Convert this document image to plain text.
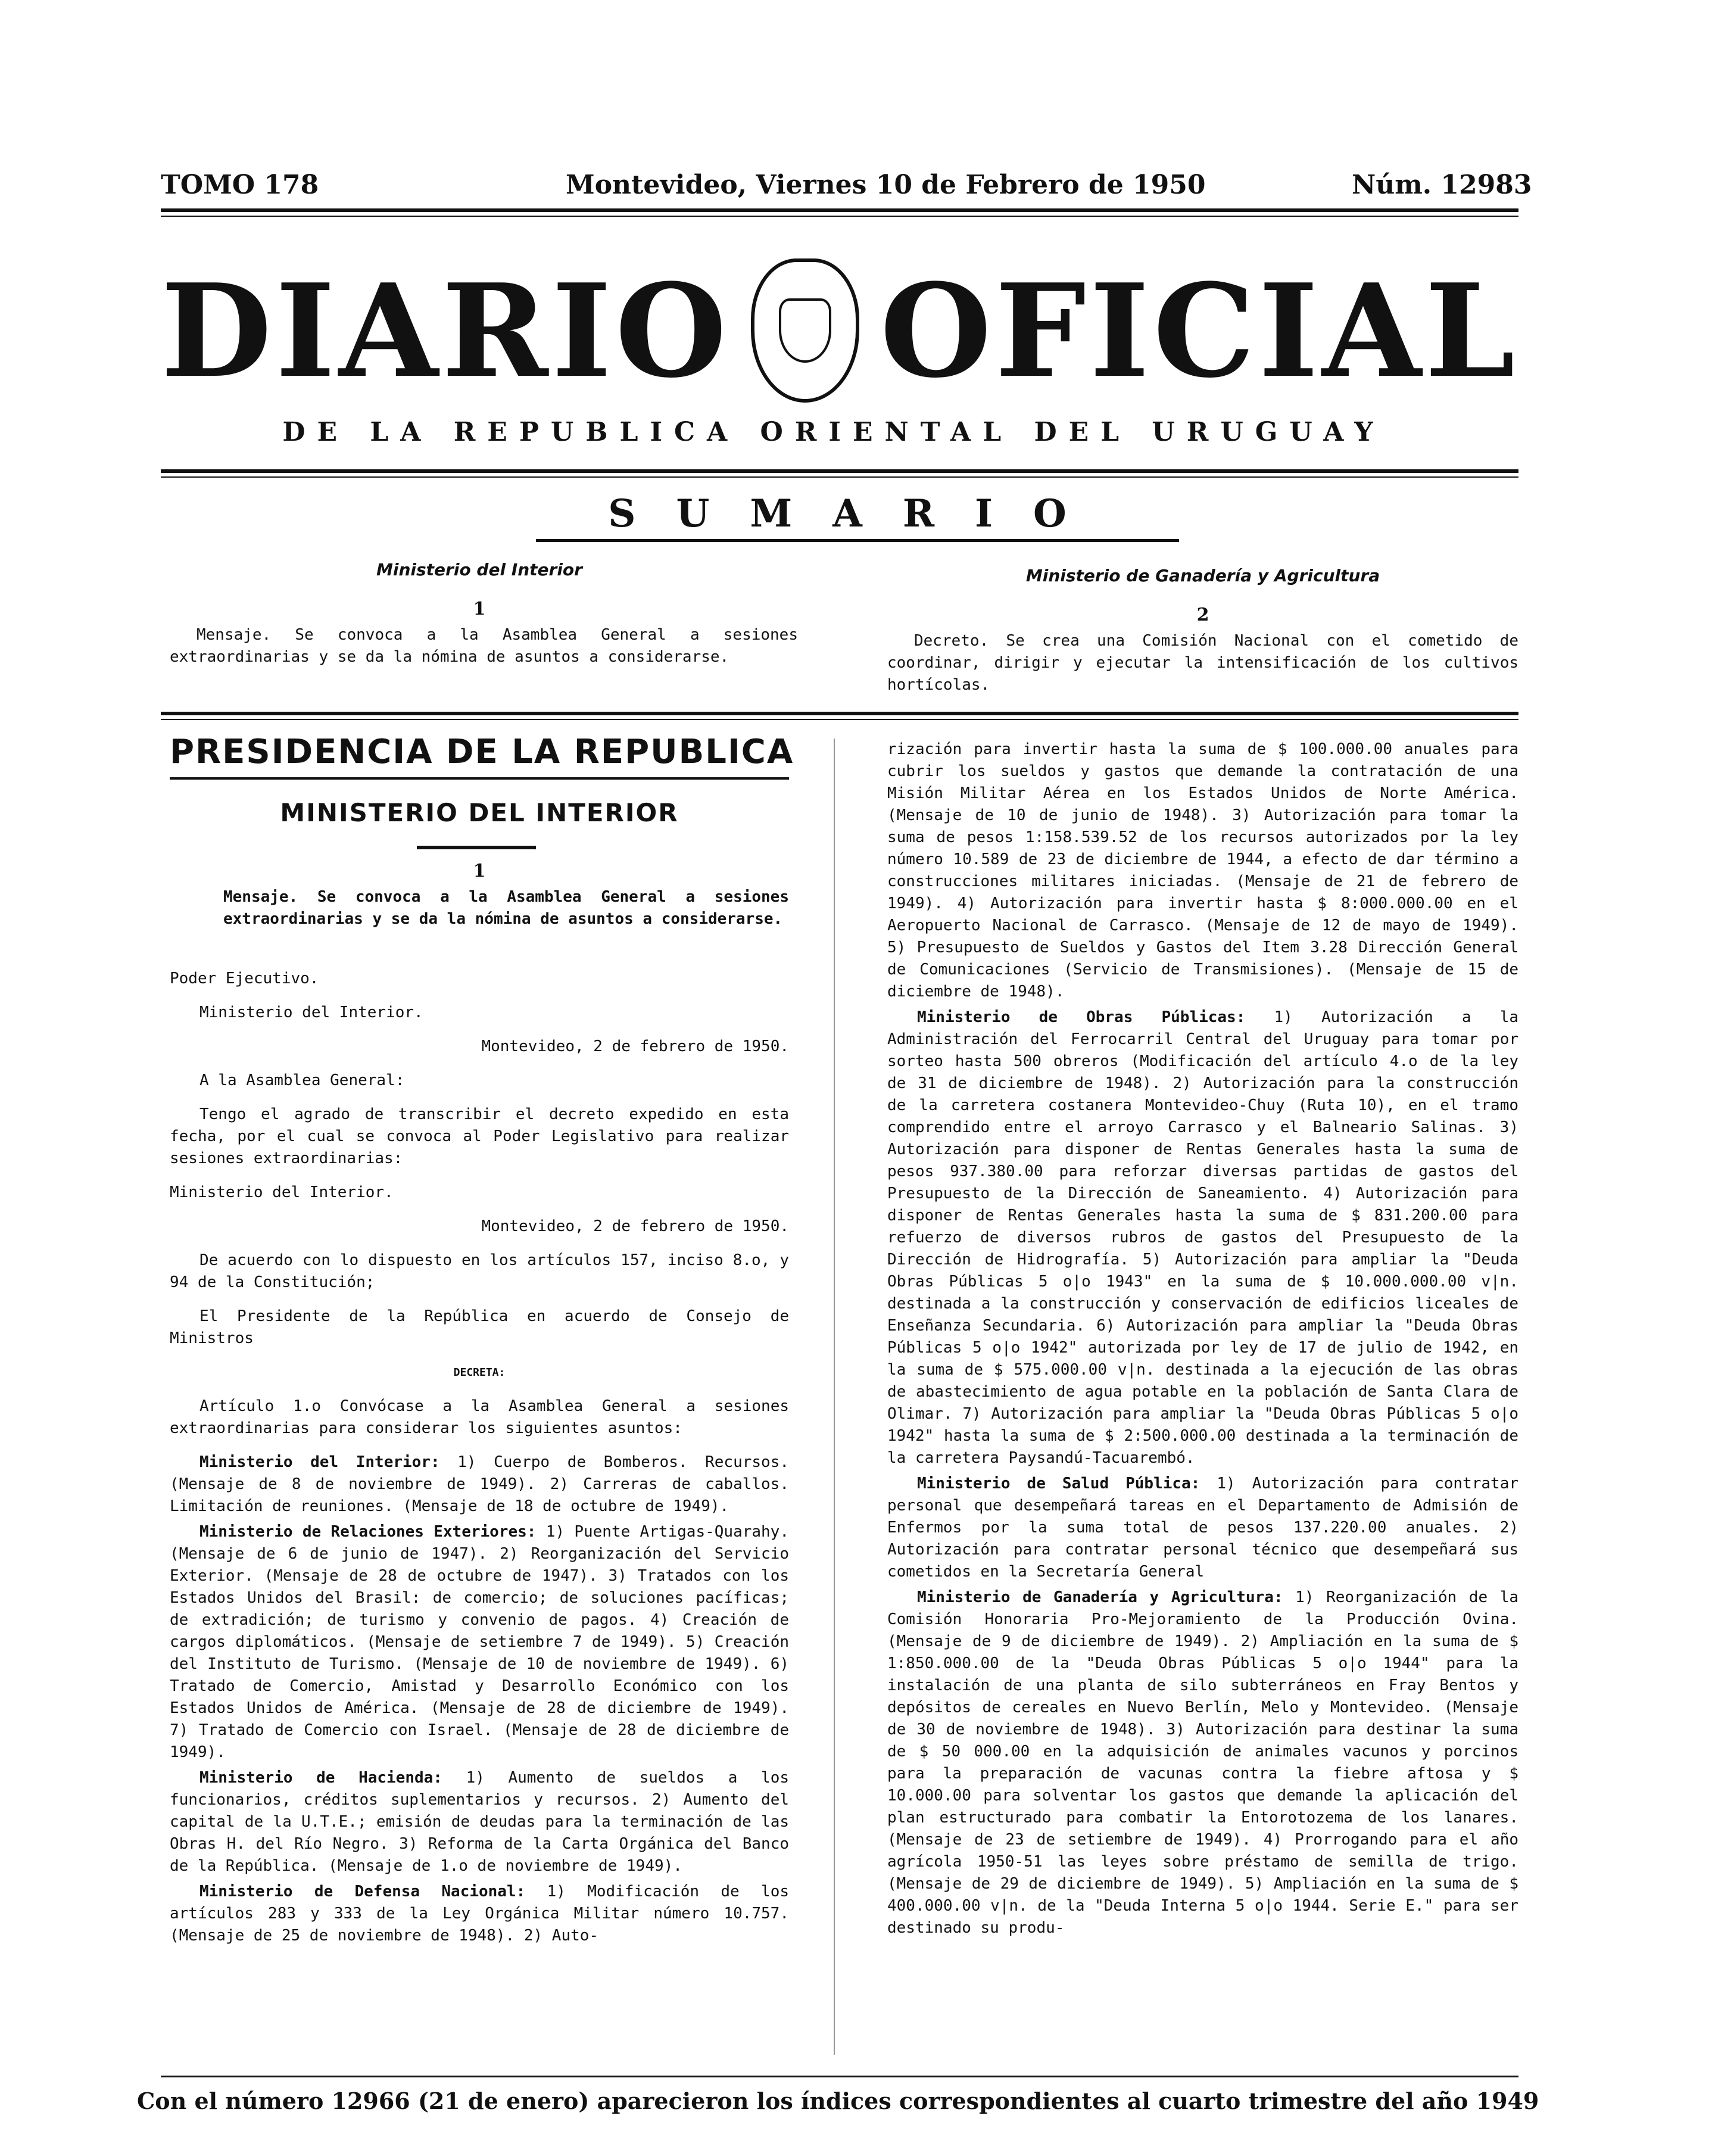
TOMO 178	Montevideo, Viernes 10 de Febrero de 1950	Núm. 12983
DIARIO OFICIAL
DE LA REPUBLICA ORIENTAL DEL URUGUAY
SUMARIO
Ministerio del Interior
1
Mensaje. Se convoca a la Asamblea General a sesiones extraordinarias y se da la nómina de asuntos a considerarse.
Ministerio de Ganadería y Agricultura
2
Decreto. Se crea una Comisión Nacional con el cometido de coordinar, dirigir y ejecutar la intensificación de los cultivos hortícolas.
PRESIDENCIA DE LA REPUBLICA
MINISTERIO DEL INTERIOR
1
Mensaje. Se convoca a la Asamblea General a sesiones extraordinarias y se da la nómina de asuntos a considerarse.

Poder Ejecutivo.

Ministerio del Interior.

Montevideo, 2 de febrero de 1950.

A la Asamblea General:

Tengo el agrado de transcribir el decreto expedido en esta fecha, por el cual se convoca al Poder Legislativo para realizar sesiones extraordinarias:

Ministerio del Interior.

Montevideo, 2 de febrero de 1950.

De acuerdo con lo dispuesto en los artículos 157, inciso 8.o, y 94 de la Constitución;

El Presidente de la República en acuerdo de Consejo de Ministros

DECRETA:

Artículo 1.o Convócase a la Asamblea General a sesiones extraordinarias para considerar los siguientes asuntos:

Ministerio del Interior: 1) Cuerpo de Bomberos. Recursos. (Mensaje de 8 de noviembre de 1949). 2) Carreras de caballos. Limitación de reuniones. (Mensaje de 18 de octubre de 1949).

Ministerio de Relaciones Exteriores: 1) Puente Artigas-Quarahy. (Mensaje de 6 de junio de 1947). 2) Reorganización del Servicio Exterior. (Mensaje de 28 de octubre de 1947). 3) Tratados con los Estados Unidos del Brasil: de comercio; de soluciones pacíficas; de extradición; de turismo y convenio de pagos. 4) Creación de cargos diplomáticos. (Mensaje de setiembre 7 de 1949). 5) Creación del Instituto de Turismo. (Mensaje de 10 de noviembre de 1949). 6) Tratado de Comercio, Amistad y Desarrollo Económico con los Estados Unidos de América. (Mensaje de 28 de diciembre de 1949). 7) Tratado de Comercio con Israel. (Mensaje de 28 de diciembre de 1949).

Ministerio de Hacienda: 1) Aumento de sueldos a los funcionarios, créditos suplementarios y recursos. 2) Aumento del capital de la U.T.E.; emisión de deudas para la terminación de las Obras H. del Río Negro. 3) Reforma de la Carta Orgánica del Banco de la República. (Mensaje de 1.o de noviembre de 1949).

Ministerio de Defensa Nacional: 1) Modificación de los artículos 283 y 333 de la Ley Orgánica Militar número 10.757. (Mensaje de 25 de noviembre de 1948). 2) Auto-

rización para invertir hasta la suma de $ 100.000.00 anuales para cubrir los sueldos y gastos que demande la contratación de una Misión Militar Aérea en los Estados Unidos de Norte América. (Mensaje de 10 de junio de 1948). 3) Autorización para tomar la suma de pesos 1:158.539.52 de los recursos autorizados por la ley número 10.589 de 23 de diciembre de 1944, a efecto de dar término a construcciones militares iniciadas. (Mensaje de 21 de febrero de 1949). 4) Autorización para invertir hasta $ 8:000.000.00 en el Aeropuerto Nacional de Carrasco. (Mensaje de 12 de mayo de 1949). 5) Presupuesto de Sueldos y Gastos del Item 3.28 Dirección General de Comunicaciones (Servicio de Transmisiones). (Mensaje de 15 de diciembre de 1948).

Ministerio de Obras Públicas: 1) Autorización a la Administración del Ferrocarril Central del Uruguay para tomar por sorteo hasta 500 obreros (Modificación del artículo 4.o de la ley de 31 de diciembre de 1948). 2) Autorización para la construcción de la carretera costanera Montevideo-Chuy (Ruta 10), en el tramo comprendido entre el arroyo Carrasco y el Balneario Salinas. 3) Autorización para disponer de Rentas Generales hasta la suma de pesos 937.380.00 para reforzar diversas partidas de gastos del Presupuesto de la Dirección de Saneamiento. 4) Autorización para disponer de Rentas Generales hasta la suma de $ 831.200.00 para refuerzo de diversos rubros de gastos del Presupuesto de la Dirección de Hidrografía. 5) Autorización para ampliar la "Deuda Obras Públicas 5 o|o 1943" en la suma de $ 10.000.000.00 v|n. destinada a la construcción y conservación de edificios liceales de Enseñanza Secundaria. 6) Autorización para ampliar la "Deuda Obras Públicas 5 o|o 1942" autorizada por ley de 17 de julio de 1942, en la suma de $ 575.000.00 v|n. destinada a la ejecución de las obras de abastecimiento de agua potable en la población de Santa Clara de Olimar. 7) Autorización para ampliar la "Deuda Obras Públicas 5 o|o 1942" hasta la suma de $ 2:500.000.00 destinada a la terminación de la carretera Paysandú-Tacuarembó.

Ministerio de Salud Pública: 1) Autorización para contratar personal que desempeñará tareas en el Departamento de Admisión de Enfermos por la suma total de pesos 137.220.00 anuales. 2) Autorización para contratar personal técnico que desempeñará sus cometidos en la Secretaría General

Ministerio de Ganadería y Agricultura: 1) Reorganización de la Comisión Honoraria Pro-Mejoramiento de la Producción Ovina. (Mensaje de 9 de diciembre de 1949). 2) Ampliación en la suma de $ 1:850.000.00 de la "Deuda Obras Públicas 5 o|o 1944" para la instalación de una planta de silo subterráneos en Fray Bentos y depósitos de cereales en Nuevo Berlín, Melo y Montevideo. (Mensaje de 30 de noviembre de 1948). 3) Autorización para destinar la suma de $ 50 000.00 en la adquisición de animales vacunos y porcinos para la preparación de vacunas contra la fiebre aftosa y $ 10.000.00 para solventar los gastos que demande la aplicación del plan estructurado para combatir la Entorotozema de los lanares. (Mensaje de 23 de setiembre de 1949). 4) Prorrogando para el año agrícola 1950-51 las leyes sobre préstamo de semilla de trigo. (Mensaje de 29 de diciembre de 1949). 5) Ampliación en la suma de $ 400.000.00 v|n. de la "Deuda Interna 5 o|o 1944. Serie E." para ser destinado su produ-

Con el número 12966 (21 de enero) aparecieron los índices correspondientes al cuarto trimestre del año 1949
